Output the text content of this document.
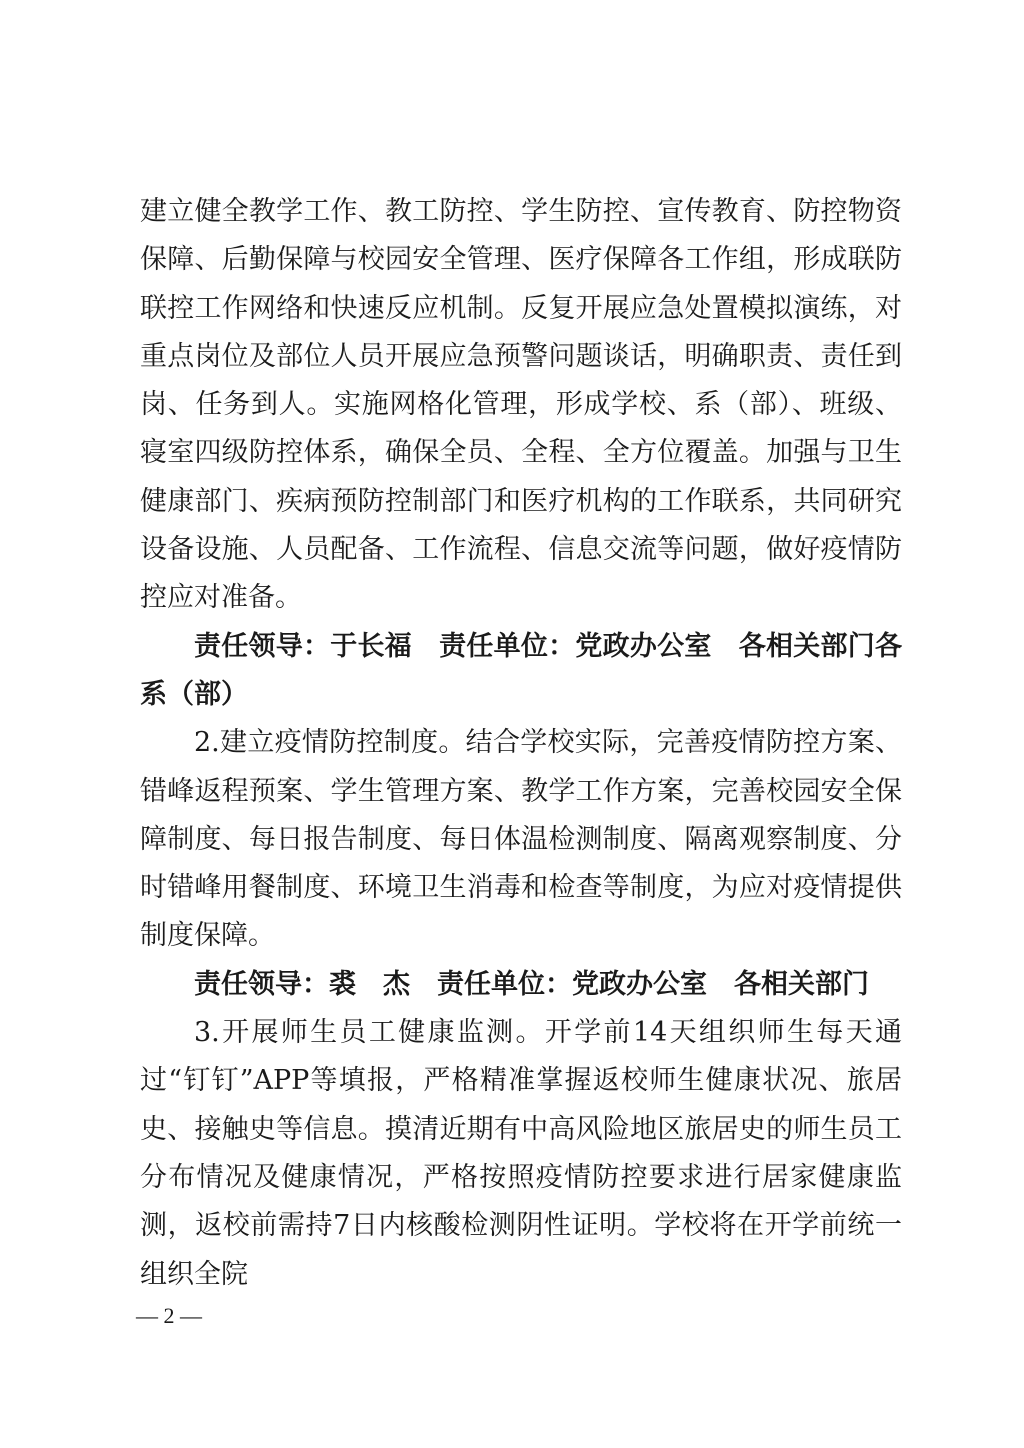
建立健全教学工作、教工防控、学生防控、宣传教育、防控物资保障、后勤保障与校园安全管理、医疗保障各工作组，形成联防联控工作网络和快速反应机制。反复开展应急处置模拟演练，对重点岗位及部位人员开展应急预警问题谈话，明确职责、责任到岗、任务到人。实施网格化管理，形成学校、系（部）、班级、寝室四级防控体系，确保全员、全程、全方位覆盖。加强与卫生健康部门、疾病预防控制部门和医疗机构的工作联系，共同研究设备设施、人员配备、工作流程、信息交流等问题，做好疫情防控应对准备。

责任领导：于长福　责任单位：党政办公室　各相关部门各系（部）

2.建立疫情防控制度。结合学校实际，完善疫情防控方案、错峰返程预案、学生管理方案、教学工作方案，完善校园安全保障制度、每日报告制度、每日体温检测制度、隔离观察制度、分时错峰用餐制度、环境卫生消毒和检查等制度，为应对疫情提供制度保障。

责任领导：裘　杰　责任单位：党政办公室　各相关部门

3.开展师生员工健康监测。开学前14天组织师生每天通过“钉钉”APP等填报，严格精准掌握返校师生健康状况、旅居史、接触史等信息。摸清近期有中高风险地区旅居史的师生员工分布情况及健康情况，严格按照疫情防控要求进行居家健康监测，返校前需持7日内核酸检测阴性证明。学校将在开学前统一组织全院

— 2 —
